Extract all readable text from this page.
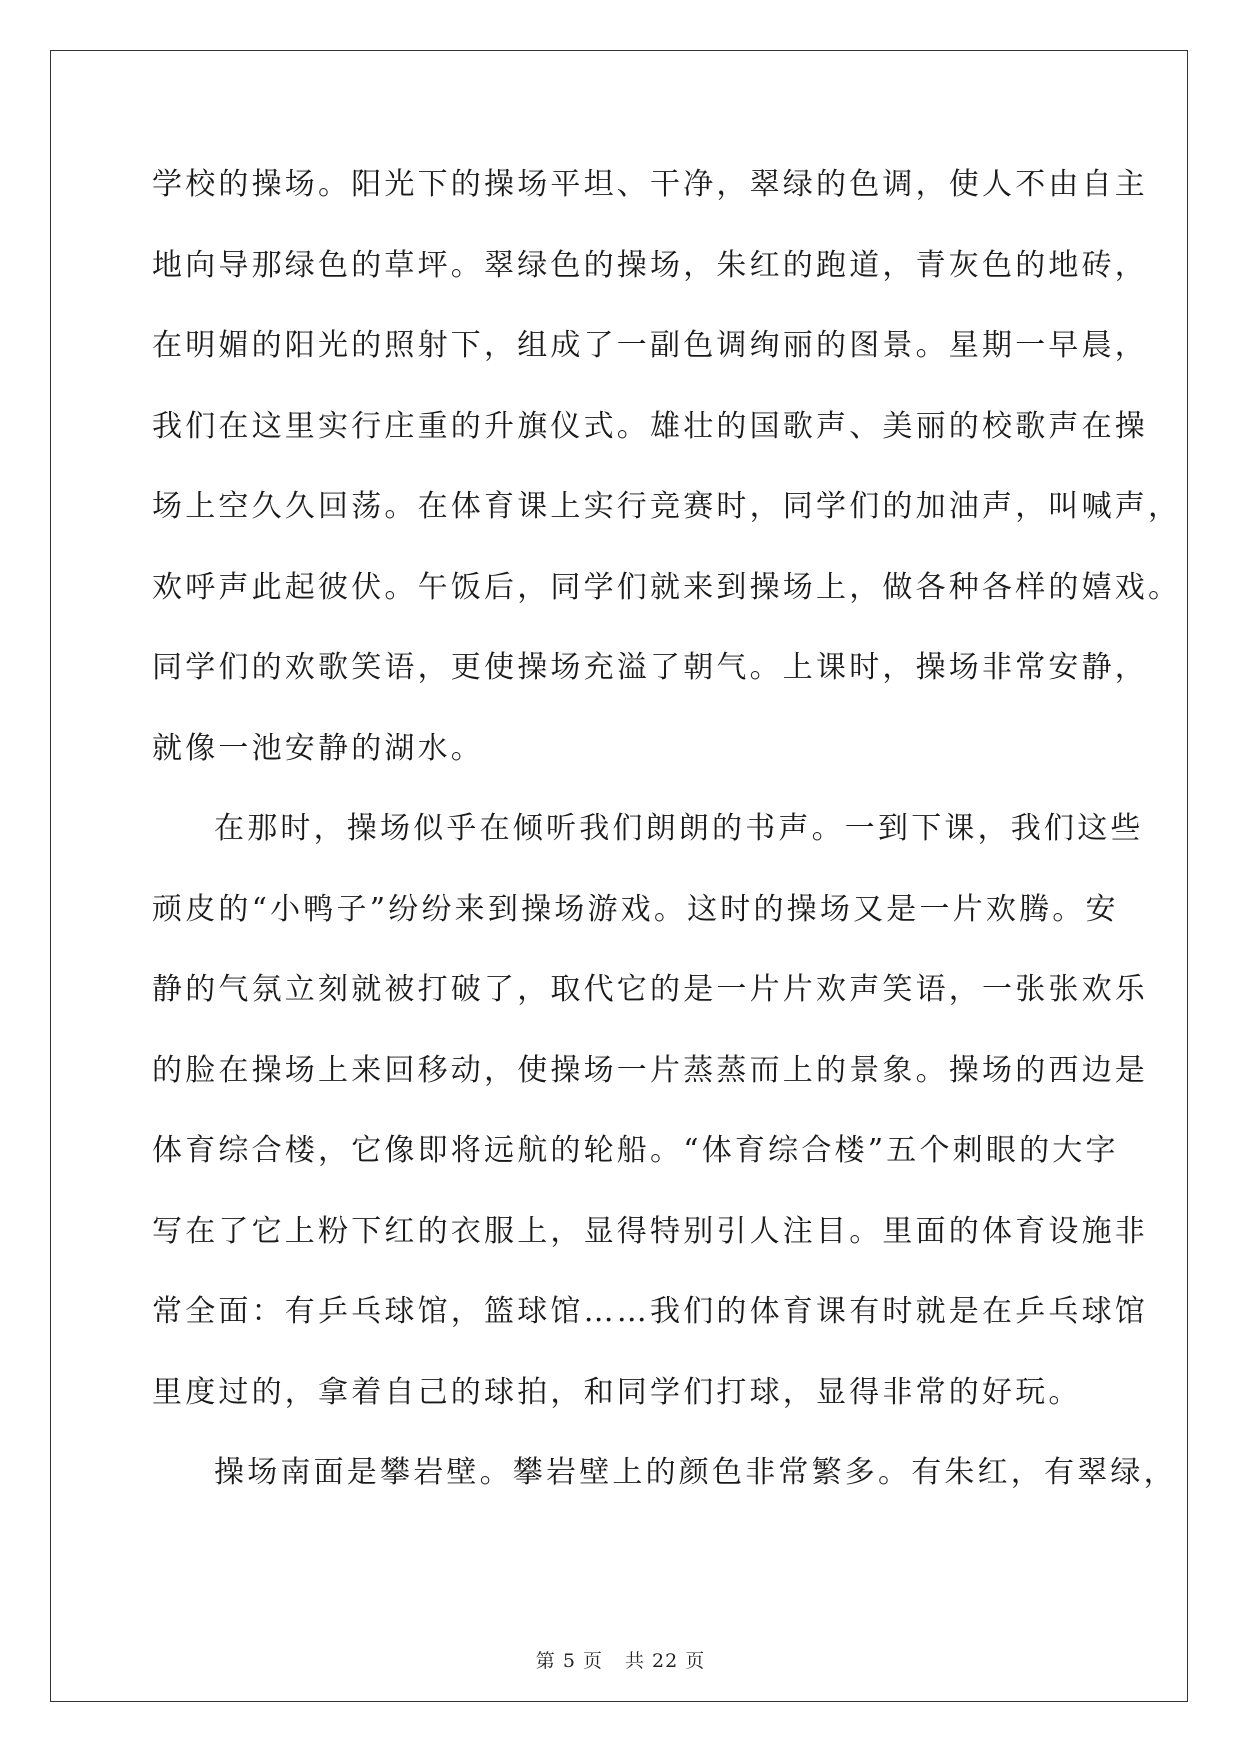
学校的操场。阳光下的操场平坦、干净，翠绿的色调，使人不由自主
地向导那绿色的草坪。翠绿色的操场，朱红的跑道，青灰色的地砖，
在明媚的阳光的照射下，组成了一副色调绚丽的图景。星期一早晨，
我们在这里实行庄重的升旗仪式。雄壮的国歌声、美丽的校歌声在操
场上空久久回荡。在体育课上实行竞赛时，同学们的加油声，叫喊声，
欢呼声此起彼伏。午饭后，同学们就来到操场上，做各种各样的嬉戏。
同学们的欢歌笑语，更使操场充溢了朝气。上课时，操场非常安静，
就像一池安静的湖水。
在那时，操场似乎在倾听我们朗朗的书声。一到下课，我们这些
顽皮的“小鸭子”纷纷来到操场游戏。这时的操场又是一片欢腾。安
静的气氛立刻就被打破了，取代它的是一片片欢声笑语，一张张欢乐
的脸在操场上来回移动，使操场一片蒸蒸而上的景象。操场的西边是
体育综合楼，它像即将远航的轮船。“体育综合楼”五个刺眼的大字
写在了它上粉下红的衣服上，显得特别引人注目。里面的体育设施非
常全面：有乒乓球馆，篮球馆……我们的体育课有时就是在乒乓球馆
里度过的，拿着自己的球拍，和同学们打球，显得非常的好玩。
操场南面是攀岩壁。攀岩壁上的颜色非常繁多。有朱红，有翠绿，
第 5 页 共 22 页
